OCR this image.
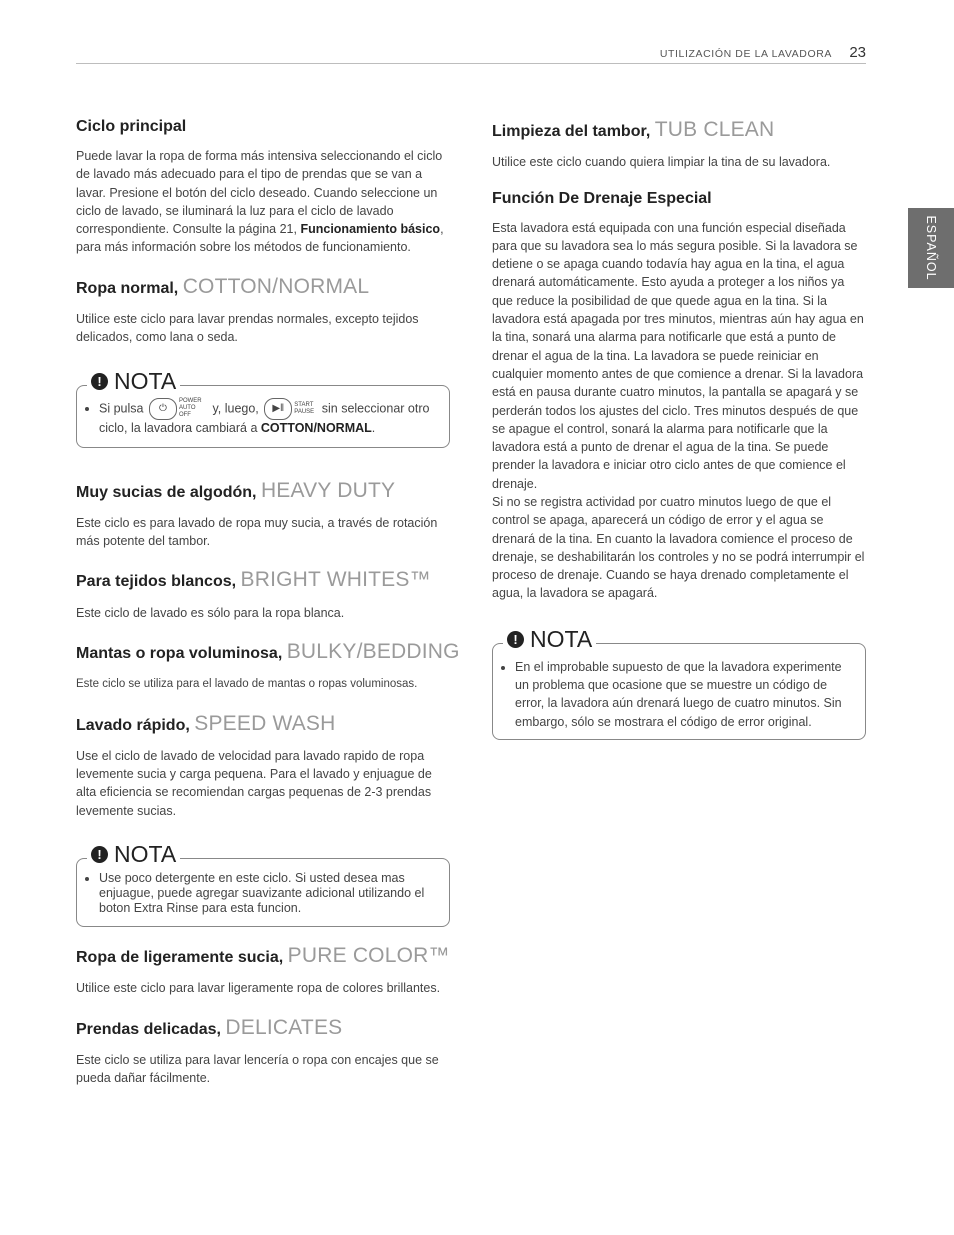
UTILIZACIÓN DE LA LAVADORA 23
ESPAÑOL
Ciclo principal

Puede lavar la ropa de forma más intensiva seleccionando el ciclo de lavado más adecuado para el tipo de prendas que se van a lavar. Presione el botón del ciclo deseado. Cuando seleccione un ciclo de lavado, se iluminará la luz para el ciclo de lavado correspondiente. Consulte la página 21, Funcionamiento básico, para más información sobre los métodos de funcionamiento.

Ropa normal, COTTON/NORMAL

Utilice este ciclo para lavar prendas normales, excepto tejidos delicados, como lana o seda.

! NOTA
• Si pulsa ⏻POWER AUTO OFF y, luego, ▶‖ START PAUSE sin seleccionar otro ciclo, la lavadora cambiará a COTTON/NORMAL.
Muy sucias de algodón, HEAVY DUTY

Este ciclo es para lavado de ropa muy sucia, a través de rotación más potente del tambor.

Para tejidos blancos, BRIGHT WHITES™

Este ciclo de lavado es sólo para la ropa blanca.

Mantas o ropa voluminosa, BULKY/BEDDING

Este ciclo se utiliza para el lavado de mantas o ropas voluminosas.

Lavado rápido, SPEED WASH

Use el ciclo de lavado de velocidad para lavado rapido de ropa levemente sucia y carga pequena. Para el lavado y enjuague de alta eficiencia se recomiendan cargas pequenas de 2-3 prendas levemente sucias.

! NOTA
• Use poco detergente en este ciclo. Si usted desea mas enjuague, puede agregar suavizante adicional utilizando el boton Extra Rinse para esta funcion.
Ropa de ligeramente sucia, PURE COLOR™

Utilice este ciclo para lavar ligeramente ropa de colores brillantes.

Prendas delicadas, DELICATES

Este ciclo se utiliza para lavar lencería o ropa con encajes que se pueda dañar fácilmente.

Limpieza del tambor, TUB CLEAN

Utilice este ciclo cuando quiera limpiar la tina de su lavadora.

Función De Drenaje Especial

Esta lavadora está equipada con una función especial diseñada para que su lavadora sea lo más segura posible. Si la lavadora se detiene o se apaga cuando todavía hay agua en la tina, el agua drenará automáticamente. Esto ayuda a proteger a los niños ya que reduce la posibilidad de que quede agua en la tina. Si la lavadora está apagada por tres minutos, mientras aún hay agua en la tina, sonará una alarma para notificarle que está a punto de drenar el agua de la tina. La lavadora se puede reiniciar en cualquier momento antes de que comience a drenar. Si la lavadora está en pausa durante cuatro minutos, la pantalla se apagará y se perderán todos los ajustes del ciclo. Tres minutos después de que se apague el control, sonará la alarma para notificarle que la lavadora está a punto de drenar el agua de la tina. Se puede prender la lavadora e iniciar otro ciclo antes de que comience el drenaje.

Si no se registra actividad por cuatro minutos luego de que el control se apaga, aparecerá un código de error y el agua se drenará de la tina. En cuanto la lavadora comience el proceso de drenaje, se deshabilitarán los controles y no se podrá interrumpir el proceso de drenaje. Cuando se haya drenado completamente el agua, la lavadora se apagará.

! NOTA
• En el improbable supuesto de que la lavadora experimente un problema que ocasione que se muestre un código de error, la lavadora aún drenará luego de cuatro minutos. Sin embargo, sólo se mostrara el código de error original.
